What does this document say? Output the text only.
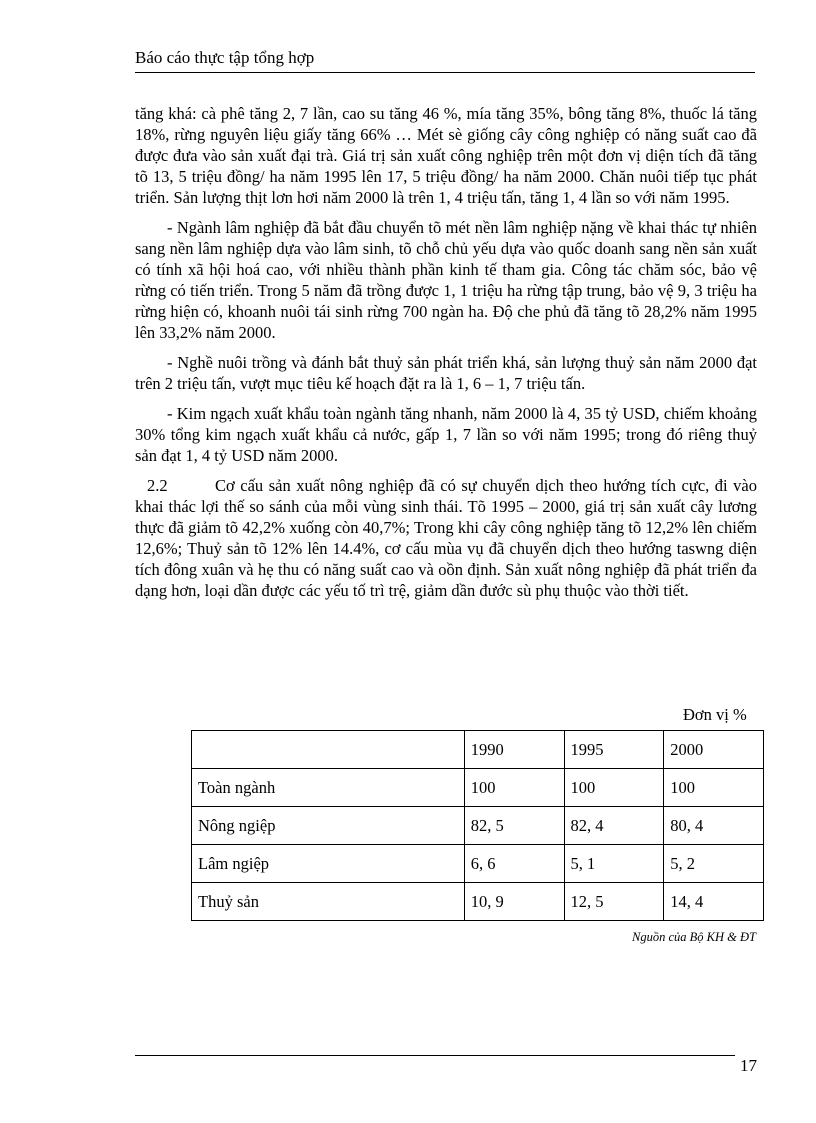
Báo cáo thực tập tổng hợp

tăng khá: cà phê tăng 2, 7 lần, cao su tăng 46 %, mía tăng 35%, bông tăng 8%, thuốc lá tăng 18%, rừng nguyên liệu giấy tăng 66% … Mét sè giống cây công nghiệp có năng suất cao đã được đưa vào sản xuất đại trà. Giá trị sản xuất công nghiệp trên một đơn vị diện tích đã tăng tõ 13, 5 triệu đồng/ ha năm 1995 lên 17, 5 triệu đồng/ ha năm 2000. Chăn nuôi tiếp tục phát triển. Sản lượng thịt lơn hơi năm 2000 là trên 1, 4 triệu tấn, tăng 1, 4 lần so với năm 1995.

- Ngành lâm nghiệp đã bắt đầu chuyển tõ mét nền lâm nghiệp nặng về khai thác tự nhiên sang nền lâm nghiệp dựa vào lâm sinh, tõ chỗ chủ yếu dựa vào quốc doanh sang nền sản xuất có tính xã hội hoá cao, với nhiều thành phần kinh tế tham gia. Công tác chăm sóc, bảo vệ rừng có tiến triển. Trong 5 năm đã trồng được 1, 1 triệu ha rừng tập trung, bảo vệ 9, 3 triệu ha rừng hiện có, khoanh nuôi tái sinh rừng 700 ngàn ha. Độ che phủ đã tăng tõ 28,2% năm 1995 lên 33,2% năm 2000.

- Nghề nuôi trồng và đánh bắt thuỷ sản phát triển khá, sản lượng thuỷ sản năm 2000 đạt trên 2 triệu tấn, vượt mục tiêu kế hoạch đặt ra là 1, 6 – 1, 7 triệu tấn.

- Kim ngạch xuất khẩu toàn ngành tăng nhanh, năm 2000 là 4, 35 tỷ USD, chiếm khoảng 30% tổng kim ngạch xuất khẩu cả nước, gấp 1, 7 lần so với năm 1995; trong đó riêng thuỷ sản đạt 1, 4 tỷ USD năm 2000.

2.2	Cơ cấu sản xuất nông nghiệp đã có sự chuyển dịch theo hướng tích cực, đi vào khai thác lợi thế so sánh của mỗi vùng sinh thái. Tõ 1995 – 2000, giá trị sản xuất cây lương thực đã giảm tõ 42,2% xuống còn 40,7%; Trong khi cây công nghiệp tăng tõ 12,2% lên chiếm 12,6%; Thuỷ sản tõ 12% lên 14.4%, cơ cấu mùa vụ đã chuyển dịch theo hướng taswng diện tích đông xuân và hẹ thu có năng suất cao và oồn định. Sản xuất nông nghiệp đã phát triển đa dạng hơn, loại dần được các yếu tố trì trệ, giảm dần đước sù phụ thuộc vào thời tiết.

Đơn vị %
	1990	1995	2000
Toàn ngành	100	100	100
Nông ngiệp	82, 5	82, 4	80, 4
Lâm ngiệp	6, 6	5, 1	5, 2
Thuỷ sản	10, 9	12, 5	14, 4
Nguồn của Bộ KH & ĐT
17
